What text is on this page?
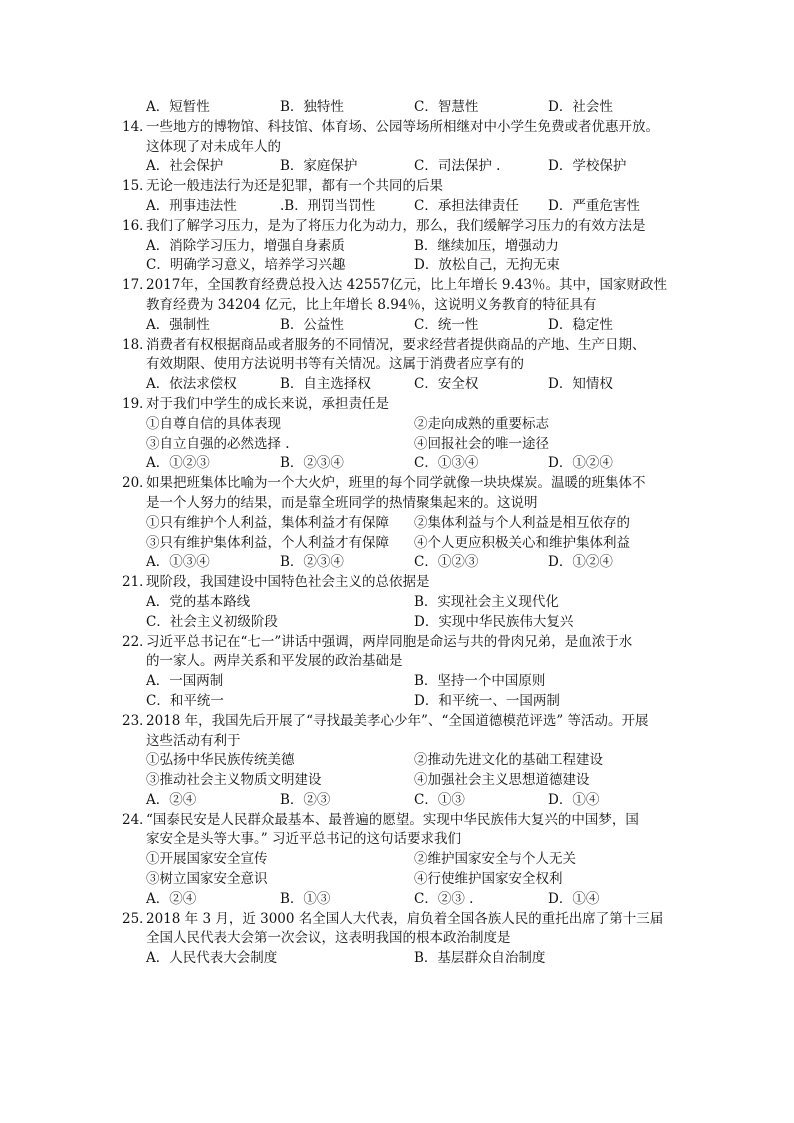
A．短暂性	B．独特性	C．智慧性	D．社会性
14．一些地方的博物馆、科技馆、体育场、公园等场所相继对中小学生免费或者优惠开放。
这体现了对未成年人的
A．社会保护	B．家庭保护	C．司法保护 .	D．学校保护
15．无论一般违法行为还是犯罪，都有一个共同的后果
A．刑事违法性	.B．刑罚当罚性	C．承担法律责任	D．严重危害性
16．我们了解学习压力，是为了将压力化为动力，那么，我们缓解学习压力的有效方法是
A．消除学习压力，增强自身素质	B．继续加压，增强动力
C．明确学习意义，培养学习兴趣	D．放松自己，无拘无束
17．2017年，全国教育经费总投入达 42557亿元，比上年增长 9.43％。其中，国家财政性
教育经费为 34204 亿元，比上年增长 8.94％，这说明义务教育的特征具有
A．强制性	B．公益性	C．统一性	D．稳定性
18．消费者有权根据商品或者服务的不同情况，要求经营者提供商品的产地、生产日期、
有效期限、使用方法说明书等有关情况。这属于消费者应享有的
A．依法求偿权	B．自主选择权	C．安全权	D．知情权
19．对于我们中学生的成长来说，承担责任是
①自尊自信的具体表现	②走向成熟的重要标志
③自立自强的必然选择 .	④回报社会的唯一途径
A．①②③	B．②③④	C．①③④	D．①②④
20．如果把班集体比喻为一个大火炉，班里的每个同学就像一块块煤炭。温暖的班集体不
是一个人努力的结果，而是靠全班同学的热情聚集起来的。这说明
①只有维护个人利益，集体利益才有保障	②集体利益与个人利益是相互依存的
③只有维护集体利益，个人利益才有保障	④个人更应积极关心和维护集体利益
A．①③④	B．②③④	C．①②③	D．①②④
21．现阶段，我国建设中国特色社会主义的总依据是
A．党的基本路线	B．实现社会主义现代化
C．社会主义初级阶段	D．实现中华民族伟大复兴
22．习近平总书记在“七一”讲话中强调，两岸同胞是命运与共的骨肉兄弟，是血浓于水
的一家人。两岸关系和平发展的政治基础是
A．一国两制	B．坚持一个中国原则
C．和平统一	D．和平统一、一国两制
23．2018 年，我国先后开展了“寻找最美孝心少年”、“全国道德模范评选” 等活动。开展
这些活动有利于
①弘扬中华民族传统美德	②推动先进文化的基础工程建设
③推动社会主义物质文明建设	④加强社会主义思想道德建设
A．②④	B．②③	C．①③	D．①④
24．“国泰民安是人民群众最基本、最普遍的愿望。实现中华民族伟大复兴的中国梦，国
家安全是头等大事。” 习近平总书记的这句话要求我们
①开展国家安全宣传	②维护国家安全与个人无关
③树立国家安全意识	④行使维护国家安全权利
A．②④	B．①③	C．②③ .	D．①④
25．2018 年 3 月，近 3000 名全国人大代表，肩负着全国各族人民的重托出席了第十三届
全国人民代表大会第一次会议，这表明我国的根本政治制度是
A．人民代表大会制度	B．基层群众自治制度
